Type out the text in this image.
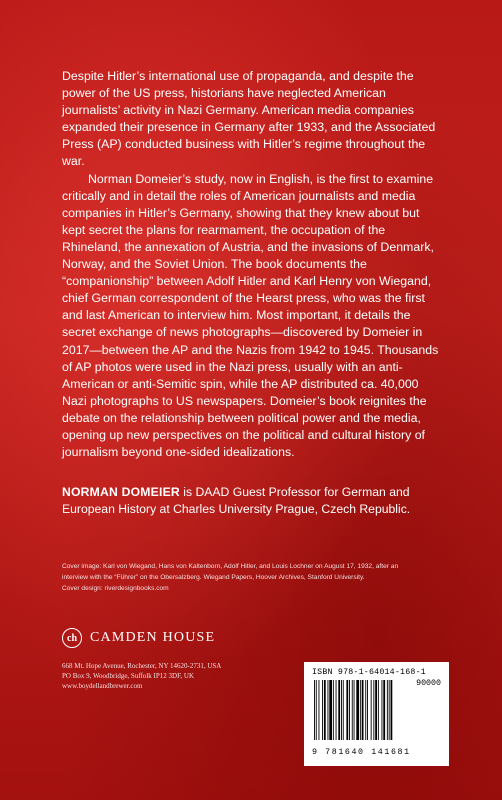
Despite Hitler’s international use of propaganda, and despite the power of the US press, historians have neglected American journalists’ activity in Nazi Germany. American media companies expanded their presence in Germany after 1933, and the Associated Press (AP) conducted business with Hitler’s regime throughout the war.

Norman Domeier’s study, now in English, is the first to examine critically and in detail the roles of American journalists and media companies in Hitler’s Germany, showing that they knew about but kept secret the plans for rearmament, the occupation of the Rhineland, the annexation of Austria, and the invasions of Denmark, Norway, and the Soviet Union. The book documents the “companionship” between Adolf Hitler and Karl Henry von Wiegand, chief German correspondent of the Hearst press, who was the first and last American to interview him. Most important, it details the secret exchange of news photographs—discovered by Domeier in 2017—between the AP and the Nazis from 1942 to 1945. Thousands of AP photos were used in the Nazi press, usually with an anti-American or anti-Semitic spin, while the AP distributed ca. 40,000 Nazi photographs to US newspapers. Domeier’s book reignites the debate on the relationship between political power and the media, opening up new perspectives on the political and cultural history of journalism beyond one-sided idealizations.

NORMAN DOMEIER is DAAD Guest Professor for German and European History at Charles University Prague, Czech Republic.
Cover image: Karl von Wiegand, Hans von Kaltenborn, Adolf Hitler, and Louis Lochner on August 17, 1932, after an interview with the “Führer” on the Obersalzberg. Wiegand Papers, Hoover Archives, Stanford University.
Cover design: riverdesignbooks.com
ch CAMDEN HOUSE
668 Mt. Hope Avenue, Rochester, NY 14620-2731, USA
PO Box 9, Woodbridge, Suffolk IP12 3DF, UK
www.boydellandbrewer.com
ISBN 978-1-64014-168-1
90000
9 781640 141681
